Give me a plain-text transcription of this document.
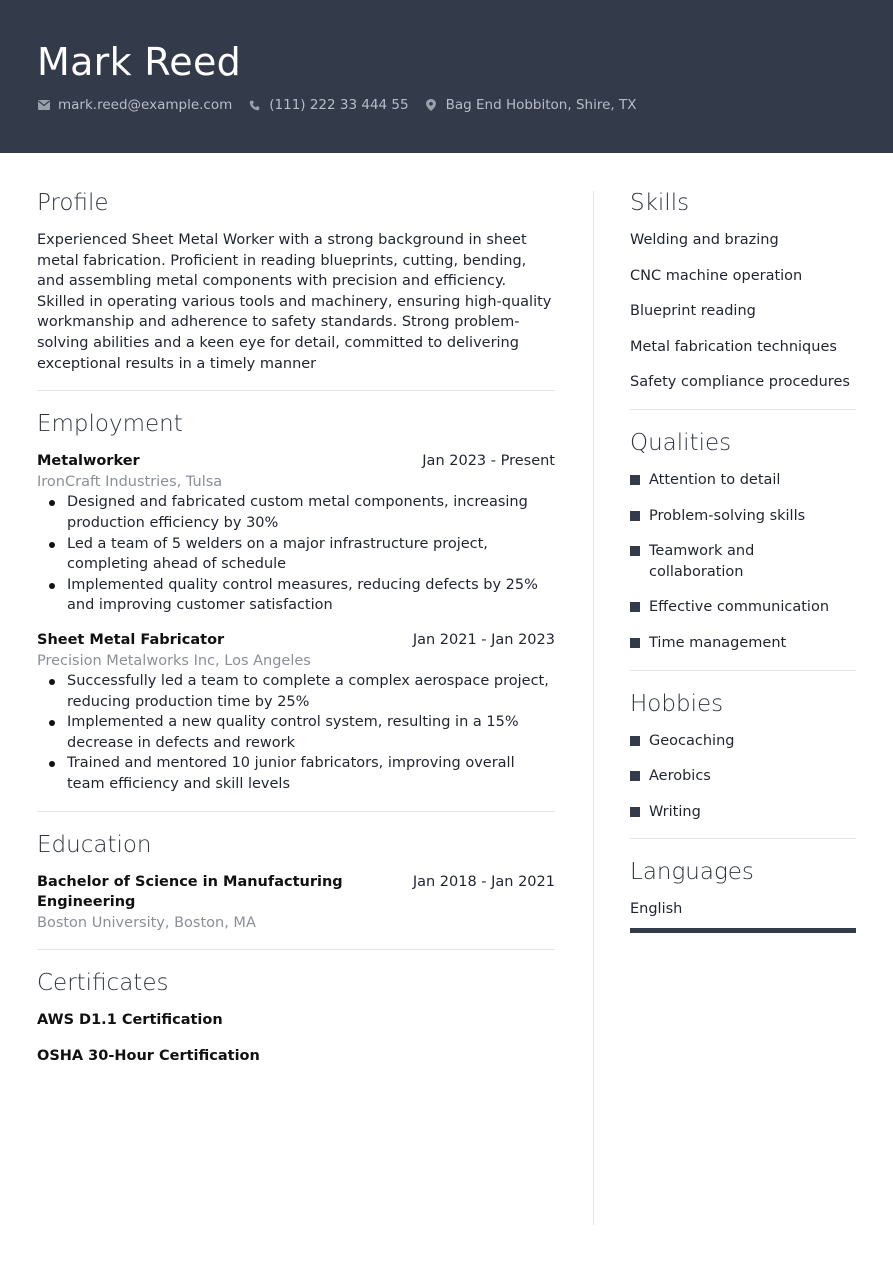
Mark Reed
mark.reed@example.com	(111) 222 33 444 55	Bag End Hobbiton, Shire, TX
Profile
Experienced Sheet Metal Worker with a strong background in sheet metal fabrication. Proficient in reading blueprints, cutting, bending, and assembling metal components with precision and efficiency. Skilled in operating various tools and machinery, ensuring high-quality workmanship and adherence to safety standards. Strong problem-solving abilities and a keen eye for detail, committed to delivering exceptional results in a timely manner
Employment
Metalworker	Jan 2023 - Present
IronCraft Industries, Tulsa
Designed and fabricated custom metal components, increasing production efficiency by 30%
Led a team of 5 welders on a major infrastructure project, completing ahead of schedule
Implemented quality control measures, reducing defects by 25% and improving customer satisfaction
Sheet Metal Fabricator	Jan 2021 - Jan 2023
Precision Metalworks Inc, Los Angeles
Successfully led a team to complete a complex aerospace project, reducing production time by 25%
Implemented a new quality control system, resulting in a 15% decrease in defects and rework
Trained and mentored 10 junior fabricators, improving overall team efficiency and skill levels
Education
Bachelor of Science in Manufacturing Engineering
Jan 2018 - Jan 2021
Boston University, Boston, MA
Certificates
AWS D1.1 Certification
OSHA 30-Hour Certification
Skills
Welding and brazing
CNC machine operation
Blueprint reading
Metal fabrication techniques
Safety compliance procedures
Qualities
Attention to detail
Problem-solving skills
Teamwork and collaboration
Effective communication
Time management
Hobbies
Geocaching
Aerobics
Writing
Languages
English
